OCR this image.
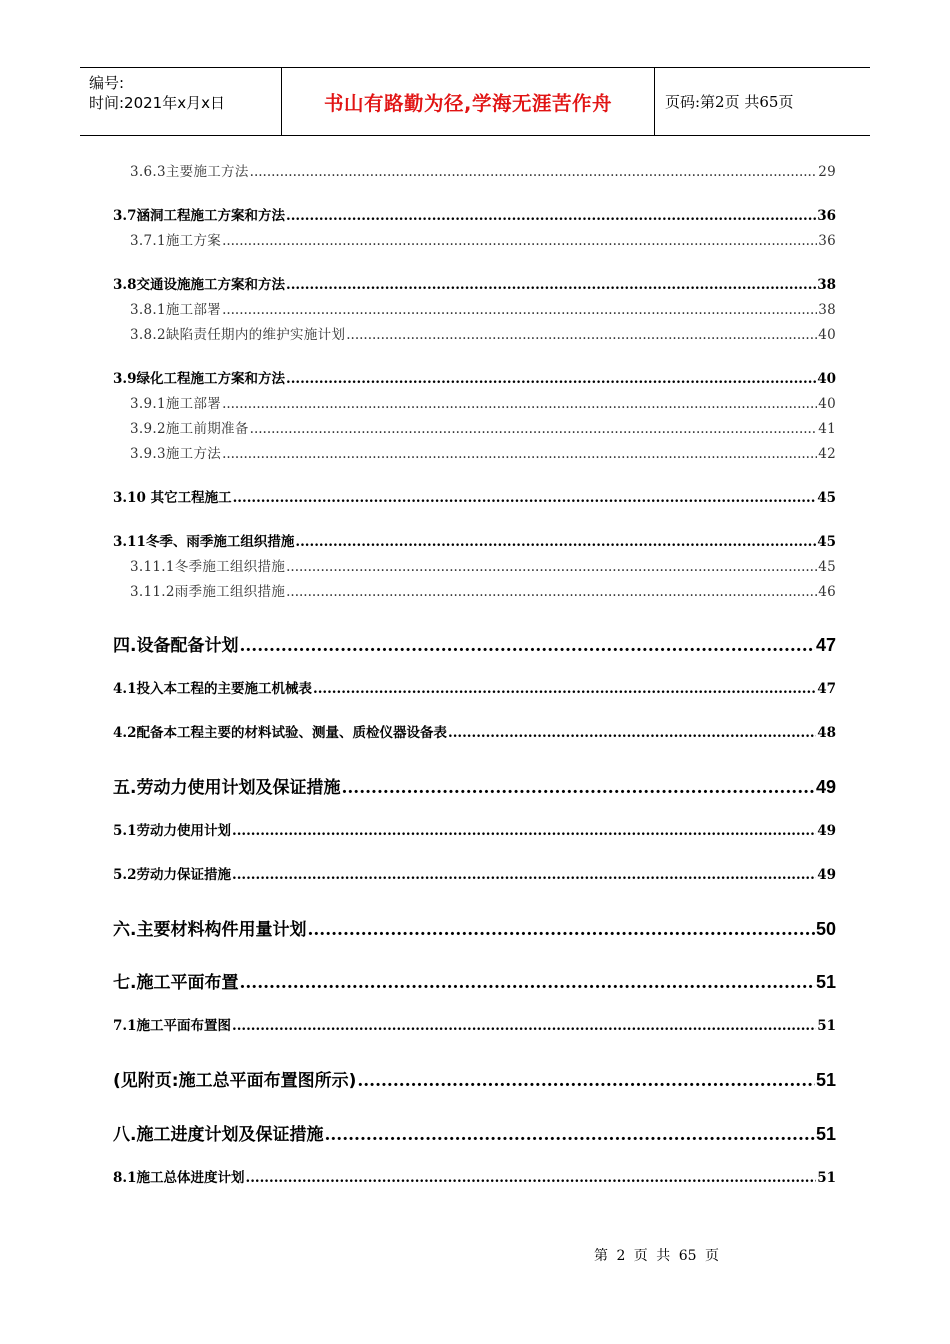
编号:
时间:2021年x月x日	书山有路勤为径,学海无涯苦作舟	页码:第2页 共65页
3.6.3主要施工方法 .....	29
3.7涵洞工程施工方案和方法 .....	36
3.7.1施工方案 .....	36
3.8交通设施施工方案和方法 .....	38
3.8.1施工部署 .....	38
3.8.2缺陷责任期内的维护实施计划 .....	40
3.9绿化工程施工方案和方法 .....	40
3.9.1施工部署 .....	40
3.9.2施工前期准备 .....	41
3.9.3施工方法 .....	42
3.10 其它工程施工 .....	45
3.11冬季、雨季施工组织措施 .....	45
3.11.1冬季施工组织措施 .....	45
3.11.2雨季施工组织措施 .....	46
四.设备配备计划 .....	47
4.1投入本工程的主要施工机械表 .....	47
4.2配备本工程主要的材料试验、测量、质检仪器设备表 .....	48
五.劳动力使用计划及保证措施 .....	49
5.1劳动力使用计划 .....	49
5.2劳动力保证措施 .....	49
六.主要材料构件用量计划 .....	50
七.施工平面布置 .....	51
7.1施工平面布置图 .....	51
(见附页:施工总平面布置图所示) .....	51
八.施工进度计划及保证措施 .....	51
8.1施工总体进度计划 .....	51
第 2 页 共 65 页
